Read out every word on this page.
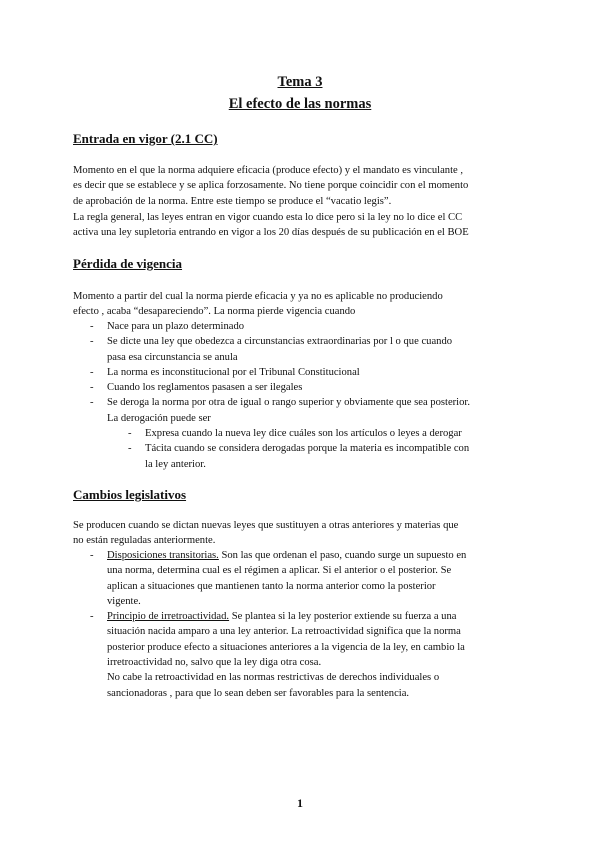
Tema 3
El efecto de las normas
Entrada en vigor (2.1 CC)

Momento en el que la norma adquiere eficacia (produce efecto) y el mandato es vinculante ,
es decir que se establece y se aplica forzosamente. No tiene porque coincidir con el momento
de aprobación de la norma. Entre este tiempo se produce el “vacatio legis”.

La regla general, las leyes entran en vigor cuando esta lo dice pero si la ley no lo dice el CC
activa una ley supletoria entrando en vigor a los 20 días después de su publicación en el BOE

Pérdida de vigencia

Momento a partir del cual la norma pierde eficacia y ya no es aplicable no produciendo
efecto , acaba “desapareciendo”. La norma pierde vigencia cuando

- Nace para un plazo determinado
- Se dicte una ley que obedezca a circunstancias extraordinarias por l o que cuando
pasa esa circunstancia se anula
- La norma es inconstitucional por el Tribunal Constitucional
- Cuando los reglamentos pasasen a ser ilegales
- Se deroga la norma por otra de igual o rango superior y obviamente que sea posterior.
La derogación puede ser
- Expresa cuando la nueva ley dice cuáles son los artículos o leyes a derogar
- Tácita cuando se considera derogadas porque la materia es incompatible con
la ley anterior.
Cambios legislativos

Se producen cuando se dictan nuevas leyes que sustituyen a otras anteriores y materias que
no están reguladas anteriormente.

- Disposiciones transitorias. Son las que ordenan el paso, cuando surge un supuesto en
una norma, determina cual es el régimen a aplicar. Si el anterior o el posterior. Se
aplican a situaciones que mantienen tanto la norma anterior como la posterior
vigente.
- Principio de irretroactividad. Se plantea si la ley posterior extiende su fuerza a una
situación nacida amparo a una ley anterior. La retroactividad significa que la norma
posterior produce efecto a situaciones anteriores a la vigencia de la ley, en cambio la
irretroactividad no, salvo que la ley diga otra cosa.
No cabe la retroactividad en las normas restrictivas de derechos individuales o
sancionadoras , para que lo sean deben ser favorables para la sentencia.

1
